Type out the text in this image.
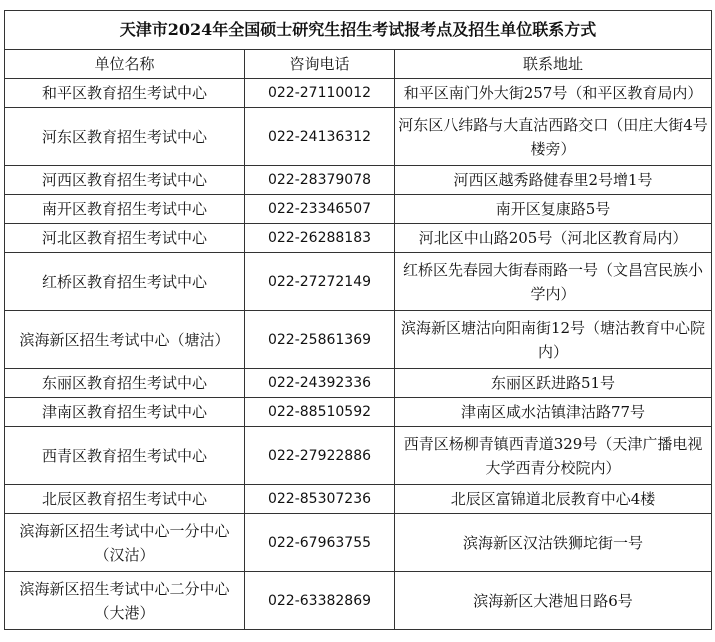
天津市2024年全国硕士研究生招生考试报考点及招生单位联系方式		
单位名称	咨询电话	联系地址
和平区教育招生考试中心	022-27110012	和平区南门外大街257号（和平区教育局内）
河东区教育招生考试中心	022-24136312	河东区八纬路与大直沽西路交口（田庄大街4号楼旁）
河西区教育招生考试中心	022-28379078	河西区越秀路健春里2号增1号
南开区教育招生考试中心	022-23346507	南开区复康路5号
河北区教育招生考试中心	022-26288183	河北区中山路205号（河北区教育局内）
红桥区教育招生考试中心	022-27272149	红桥区先春园大街春雨路一号（文昌宫民族小学内）
滨海新区招生考试中心（塘沽）	022-25861369	滨海新区塘沽向阳南街12号（塘沽教育中心院内）
东丽区教育招生考试中心	022-24392336	东丽区跃进路51号
津南区教育招生考试中心	022-88510592	津南区咸水沽镇津沽路77号
西青区教育招生考试中心	022-27922886	西青区杨柳青镇西青道329号（天津广播电视大学西青分校院内）
北辰区教育招生考试中心	022-85307236	北辰区富锦道北辰教育中心4楼
滨海新区招生考试中心一分中心（汉沽）	022-67963755	滨海新区汉沽铁狮坨街一号
滨海新区招生考试中心二分中心（大港）	022-63382869	滨海新区大港旭日路6号
